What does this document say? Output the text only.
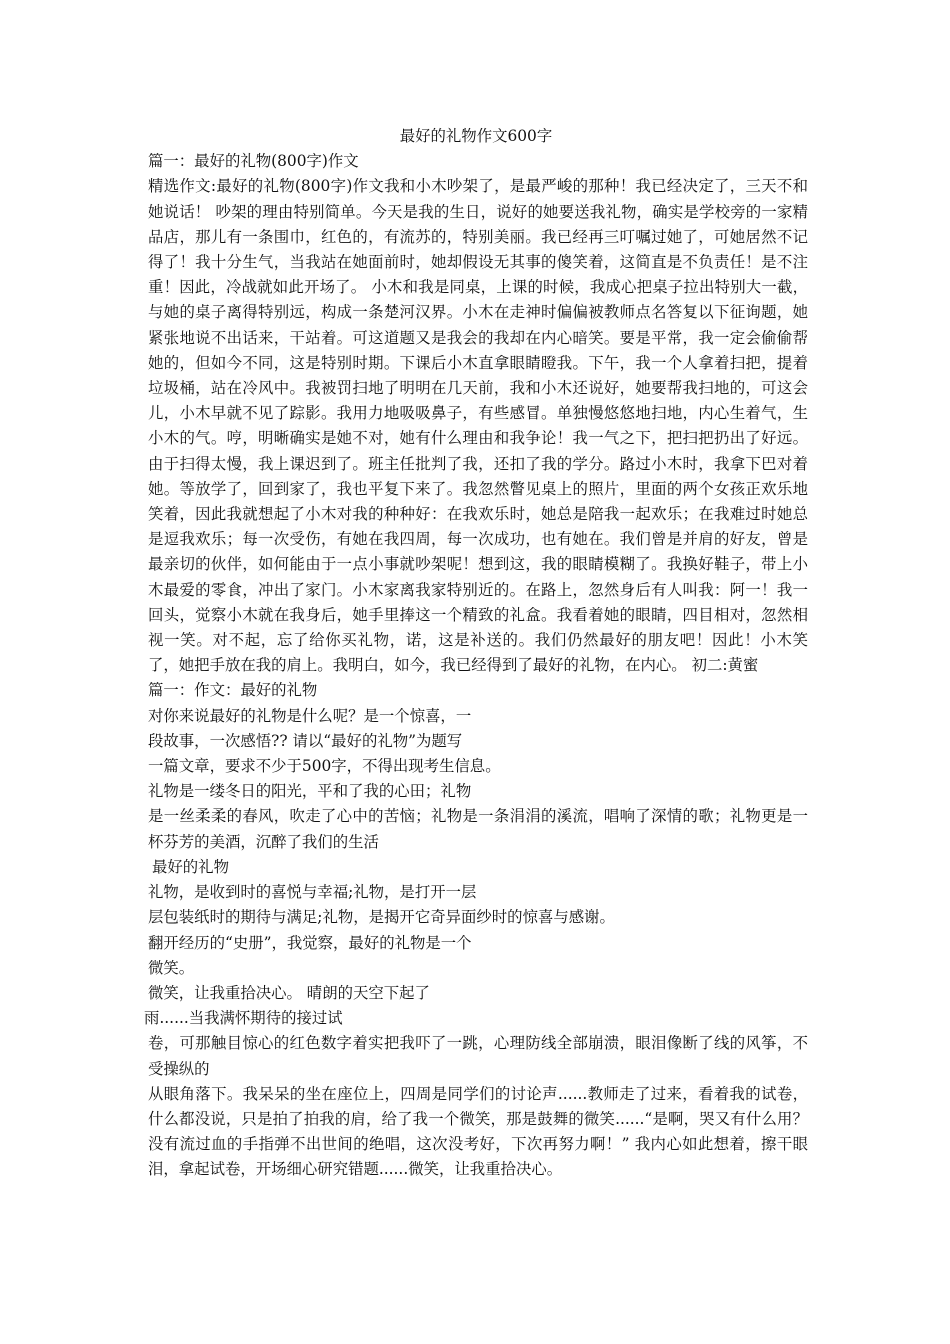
最好的礼物作文600字

篇一：最好的礼物(800字)作文

精选作文:最好的礼物(800字)作文我和小木吵架了，是最严峻的那种！我已经决定了，三天不和她说话！ 吵架的理由特别简单。今天是我的生日，说好的她要送我礼物，确实是学校旁的一家精品店，那儿有一条围巾，红色的，有流苏的，特别美丽。我已经再三叮嘱过她了，可她居然不记得了！我十分生气，当我站在她面前时，她却假设无其事的傻笑着，这简直是不负责任！是不注重！因此，冷战就如此开场了。 小木和我是同桌，上课的时候，我成心把桌子拉出特别大一截，与她的桌子离得特别远，构成一条楚河汉界。小木在走神时偏偏被教师点名答复以下征询题，她紧张地说不出话来，干站着。可这道题又是我会的我却在内心暗笑。要是平常，我一定会偷偷帮她的，但如今不同，这是特别时期。下课后小木直拿眼睛瞪我。下午，我一个人拿着扫把，提着垃圾桶，站在冷风中。我被罚扫地了明明在几天前，我和小木还说好，她要帮我扫地的，可这会儿，小木早就不见了踪影。我用力地吸吸鼻子，有些感冒。单独慢悠悠地扫地，内心生着气，生小木的气。哼，明晰确实是她不对，她有什么理由和我争论！我一气之下，把扫把扔出了好远。由于扫得太慢，我上课迟到了。班主任批判了我，还扣了我的学分。路过小木时，我拿下巴对着她。等放学了，回到家了，我也平复下来了。我忽然瞥见桌上的照片，里面的两个女孩正欢乐地笑着，因此我就想起了小木对我的种种好：在我欢乐时，她总是陪我一起欢乐；在我难过时她总是逗我欢乐；每一次受伤，有她在我四周，每一次成功，也有她在。我们曾是并肩的好友，曾是最亲切的伙伴，如何能由于一点小事就吵架呢！想到这，我的眼睛模糊了。我换好鞋子，带上小木最爱的零食，冲出了家门。小木家离我家特别近的。在路上，忽然身后有人叫我：阿一！我一回头，觉察小木就在我身后，她手里捧这一个精致的礼盒。我看着她的眼睛，四目相对，忽然相视一笑。对不起，忘了给你买礼物，诺，这是补送的。我们仍然最好的朋友吧！因此！小木笑了，她把手放在我的肩上。我明白，如今，我已经得到了最好的礼物，在内心。 初二:黄蜜

篇一：作文：最好的礼物

对你来说最好的礼物是什么呢？是一个惊喜，一

段故事，一次感悟?? 请以“最好的礼物”为题写

一篇文章，要求不少于500字，不得出现考生信息。

礼物是一缕冬日的阳光，平和了我的心田；礼物

是一丝柔柔的春风，吹走了心中的苦恼；礼物是一条涓涓的溪流，唱响了深情的歌；礼物更是一杯芬芳的美酒，沉醉了我们的生活

最好的礼物

礼物，是收到时的喜悦与幸福;礼物，是打开一层

层包装纸时的期待与满足;礼物，是揭开它奇异面纱时的惊喜与感谢。

翻开经历的“史册”，我觉察，最好的礼物是一个

微笑。

微笑，让我重拾决心。 晴朗的天空下起了

雨......当我满怀期待的接过试

卷，可那触目惊心的红色数字着实把我吓了一跳，心理防线全部崩溃，眼泪像断了线的风筝，不受操纵的

从眼角落下。我呆呆的坐在座位上，四周是同学们的讨论声......教师走了过来，看着我的试卷，什么都没说，只是拍了拍我的肩，给了我一个微笑，那是鼓舞的微笑......“是啊，哭又有什么用？没有流过血的手指弹不出世间的绝唱，这次没考好，下次再努力啊！” 我内心如此想着，擦干眼泪，拿起试卷，开场细心研究错题......微笑，让我重拾决心。
